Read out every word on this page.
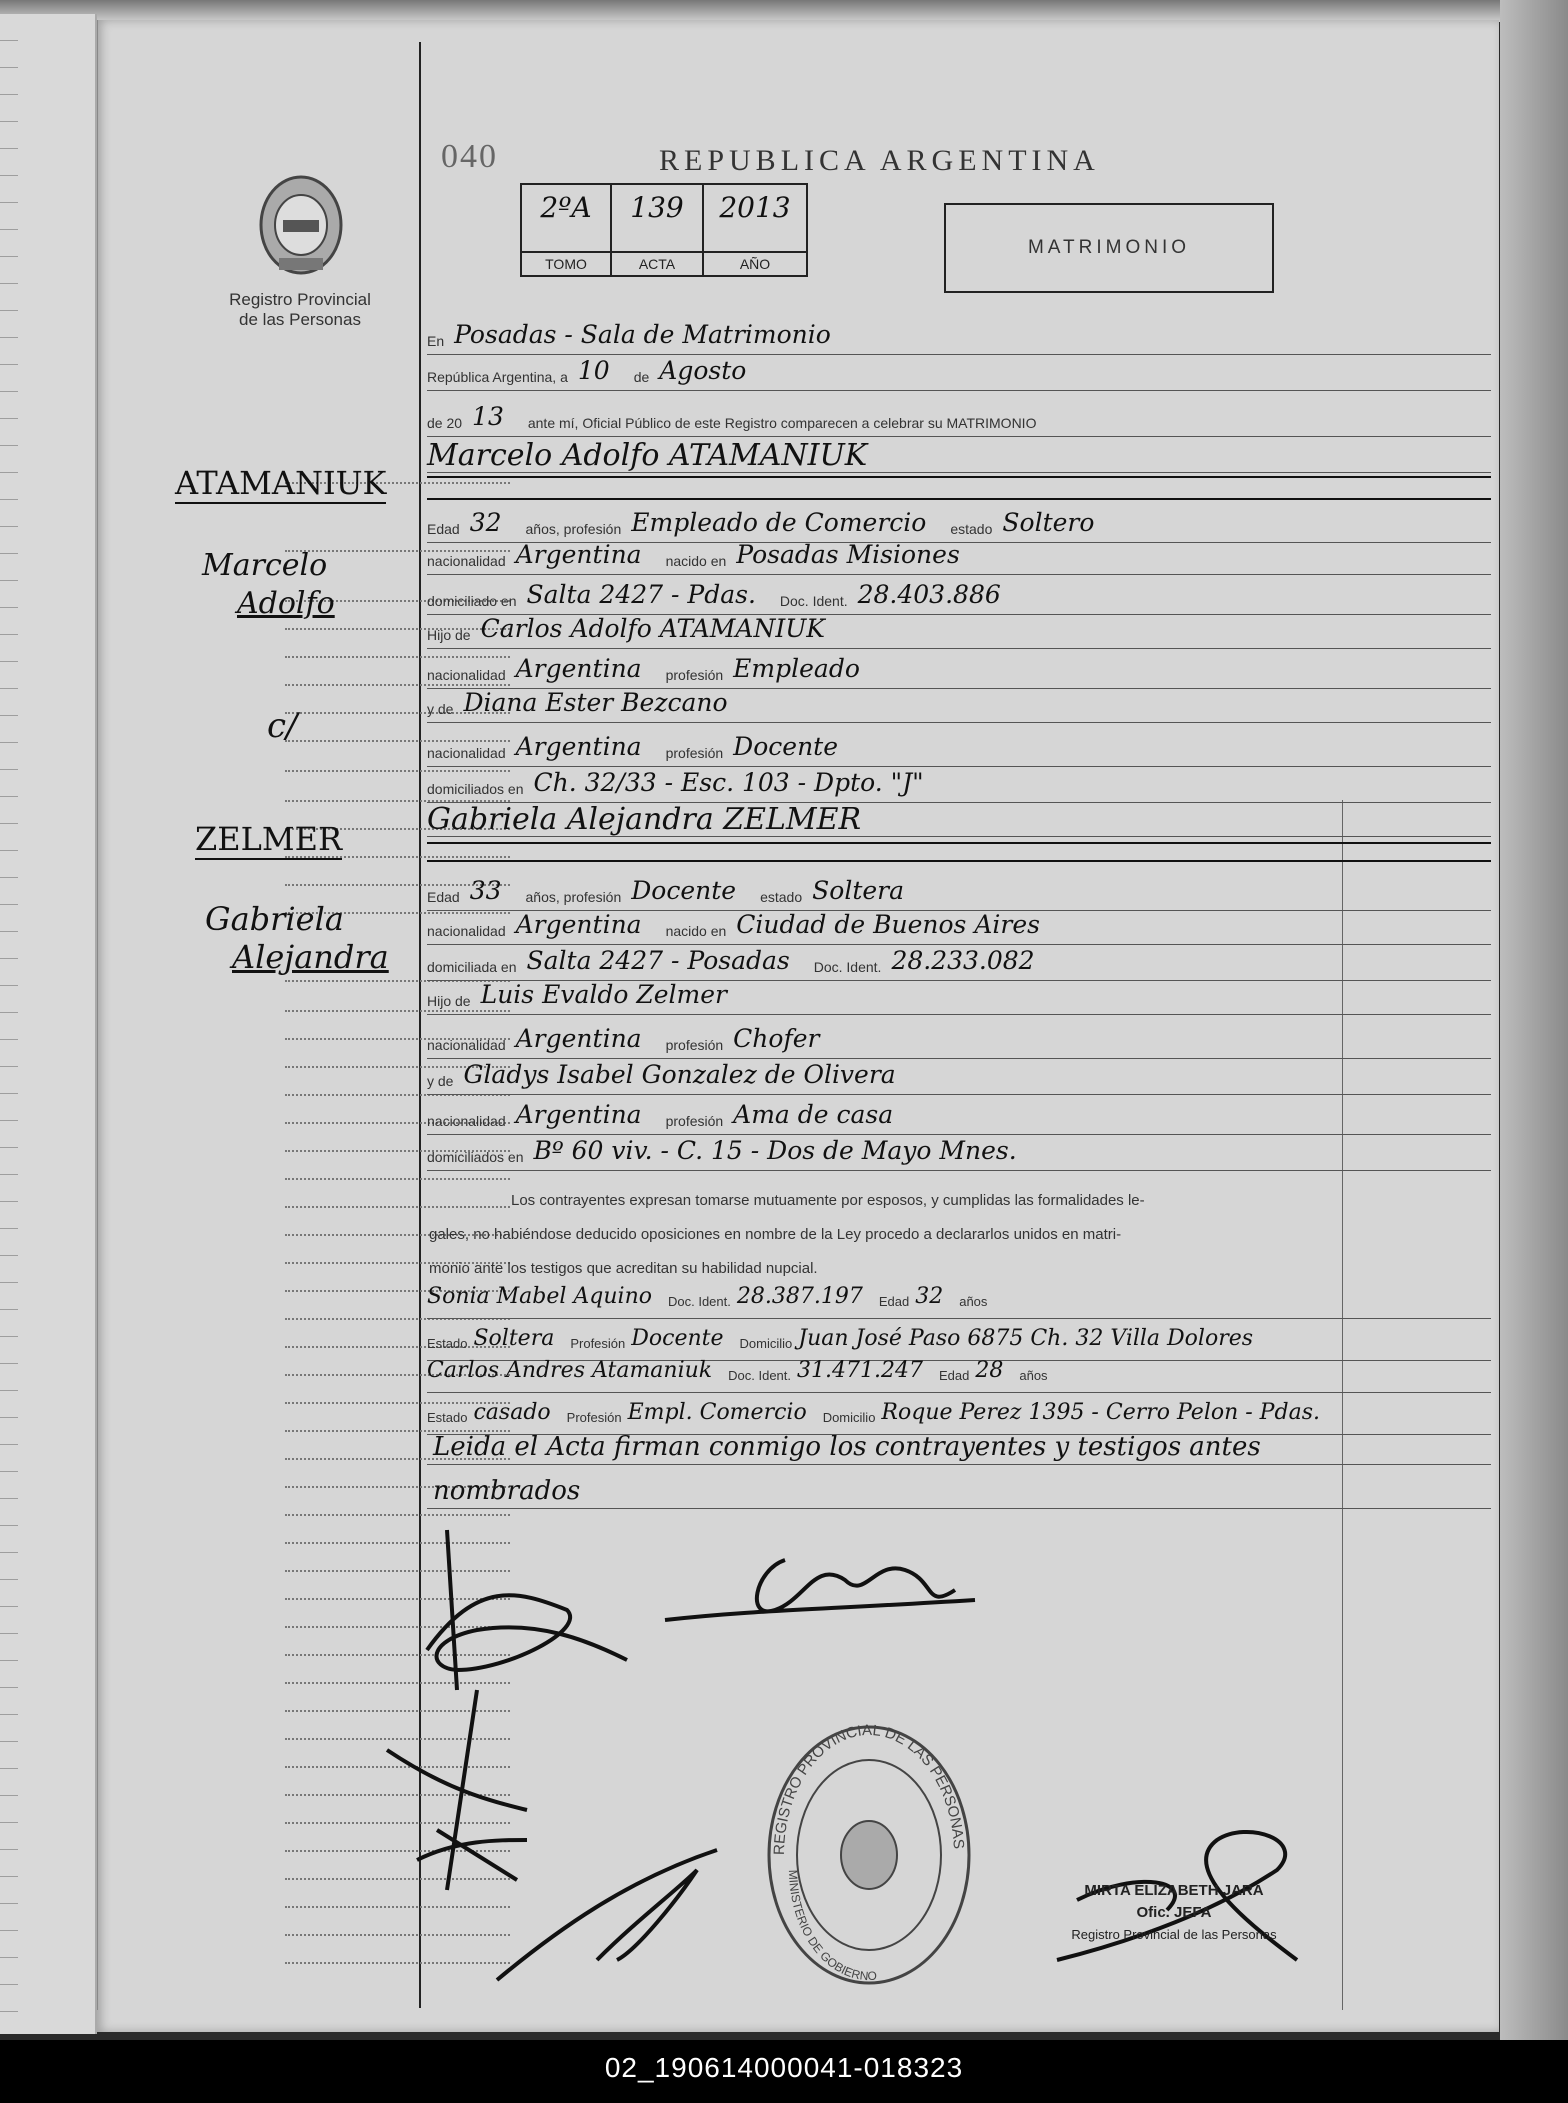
040	REPUBLICA ARGENTINA
2ºA
TOMO
139
ACTA
2013
AÑO
MATRIMONIO
Registro Provincial
de las Personas
ATAMANIUK
Marcelo
Adolfo
c/
ZELMER
Gabriela
Alejandra
En Posadas - Sala de Matrimonio
República Argentina, a 10 de Agosto
de 20 13 ante mí, Oficial Público de este Registro comparecen a celebrar su MATRIMONIO
Marcelo Adolfo ATAMANIUK
Edad 32 años, profesión Empleado de Comercio estado Soltero
nacionalidad Argentina nacido en Posadas Misiones
domiciliado en Salta 2427 - Pdas. Doc. Ident. 28.403.886
Hijo de Carlos Adolfo ATAMANIUK
nacionalidad Argentina profesión Empleado
y de Diana Ester Bezcano
nacionalidad Argentina profesión Docente
domiciliados en Ch. 32/33 - Esc. 103 - Dpto. "J"
Gabriela Alejandra ZELMER
Edad 33 años, profesión Docente estado Soltera
nacionalidad Argentina nacido en Ciudad de Buenos Aires
domiciliada en Salta 2427 - Posadas Doc. Ident. 28.233.082
Hijo de Luis Evaldo Zelmer
nacionalidad Argentina profesión Chofer
y de Gladys Isabel Gonzalez de Olivera
nacionalidad Argentina profesión Ama de casa
domiciliados en Bº 60 viv. - C. 15 - Dos de Mayo Mnes.
Los contrayentes expresan tomarse mutuamente por esposos, y cumplidas las formalidades le-
gales, no habiéndose deducido oposiciones en nombre de la Ley procedo a declararlos unidos en matri-
monio ante los testigos que acreditan su habilidad nupcial.
Sonia Mabel Aquino Doc. Ident. 28.387.197 Edad 32 años
Estado Soltera Profesión Docente Domicilio Juan José Paso 6875 Ch. 32 Villa Dolores
Carlos Andres Atamaniuk Doc. Ident. 31.471.247 Edad 28 años
Estado casado Profesión Empl. Comercio Domicilio Roque Perez 1395 - Cerro Pelon - Pdas.
Leida el Acta firman conmigo los contrayentes y testigos antes
nombrados
REGISTRO PROVINCIAL DE LAS PERSONAS
MINISTERIO DE GOBIERNO
MIRTA ELIZABETH JARA
Ofic. JEFA
Registro Provincial de las Personas
02_190614000041-018323
